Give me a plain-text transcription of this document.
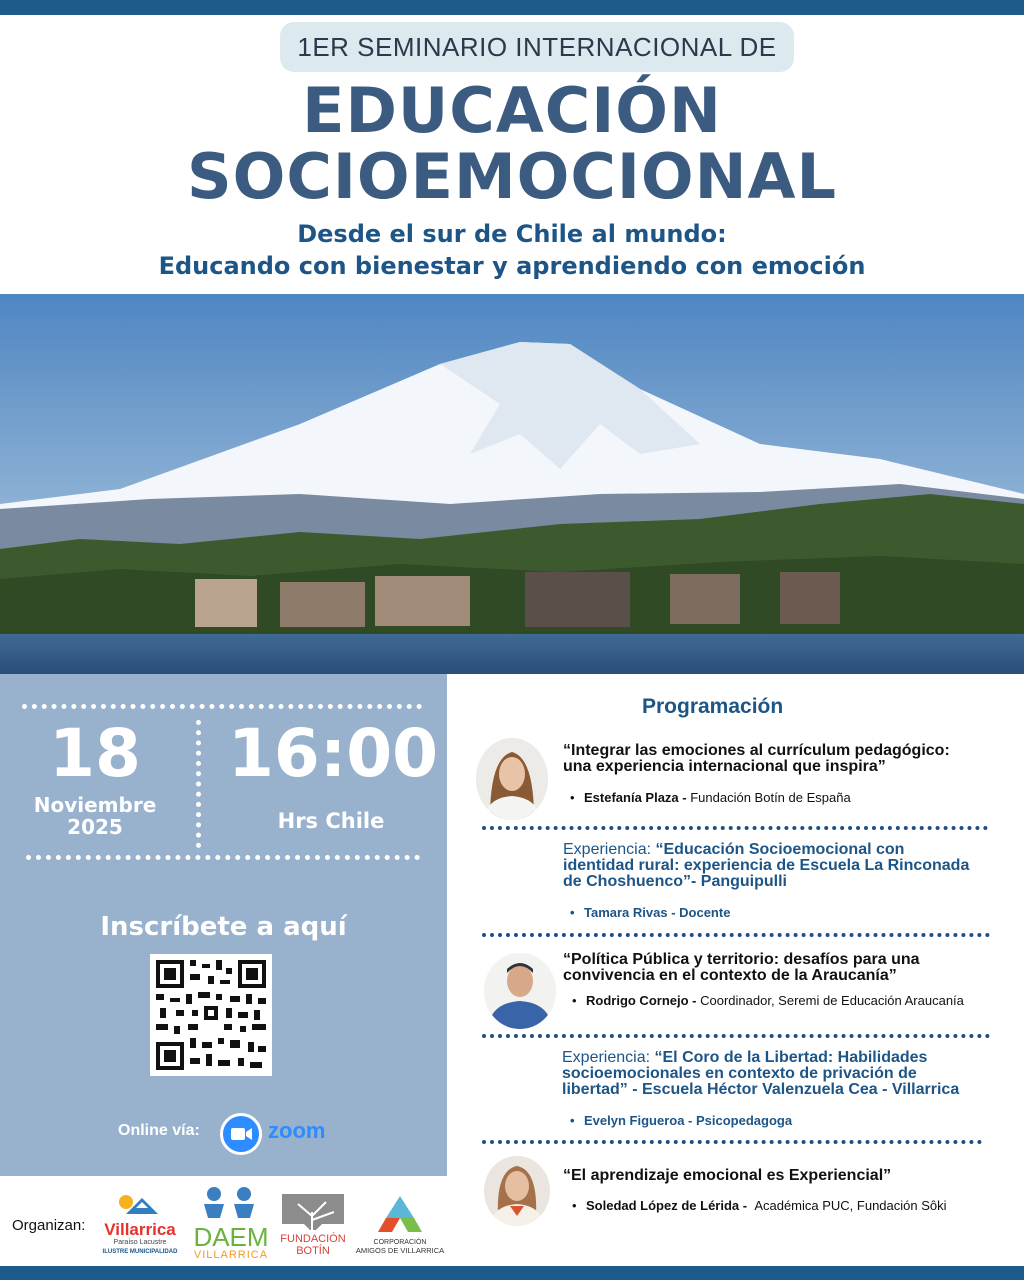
1ER SEMINARIO INTERNACIONAL DE
EDUCACIÓN
SOCIOEMOCIONAL
Desde el sur de Chile al mundo:
Educando con bienestar y aprendiendo con emoción
18
Noviembre
2025
16:00
Hrs Chile
Inscríbete a aquí
Online vía:	zoom
Programación
“Integrar las emociones al currículum pedagógico:
una experiencia internacional que inspira”
• Estefanía Plaza - Fundación Botín de España
Experiencia: “Educación Socioemocional con
identidad rural: experiencia de Escuela La Rinconada
de Choshuenco”- Panguipulli
• Tamara Rivas - Docente
“Política Pública y territorio: desafíos para una
convivencia en el contexto de la Araucanía”
• Rodrigo Cornejo - Coordinador, Seremi de Educación Araucanía
Experiencia: “El Coro de la Libertad: Habilidades
socioemocionales en contexto de privación de
libertad” - Escuela Héctor Valenzuela Cea - Villarrica
• Evelyn Figueroa - Psicopedagoga
“El aprendizaje emocional es Experiencial”
• Soledad López de Lérida - Académica PUC, Fundación Sôki
Organizan: Villarrica
Paraíso Lacustre
ILUSTRE MUNICIPALIDAD DAEM
VILLARRICA
FUNDACIÓN
BOTÍN
CORPORACIÓN
AMIGOS DE VILLARRICA
